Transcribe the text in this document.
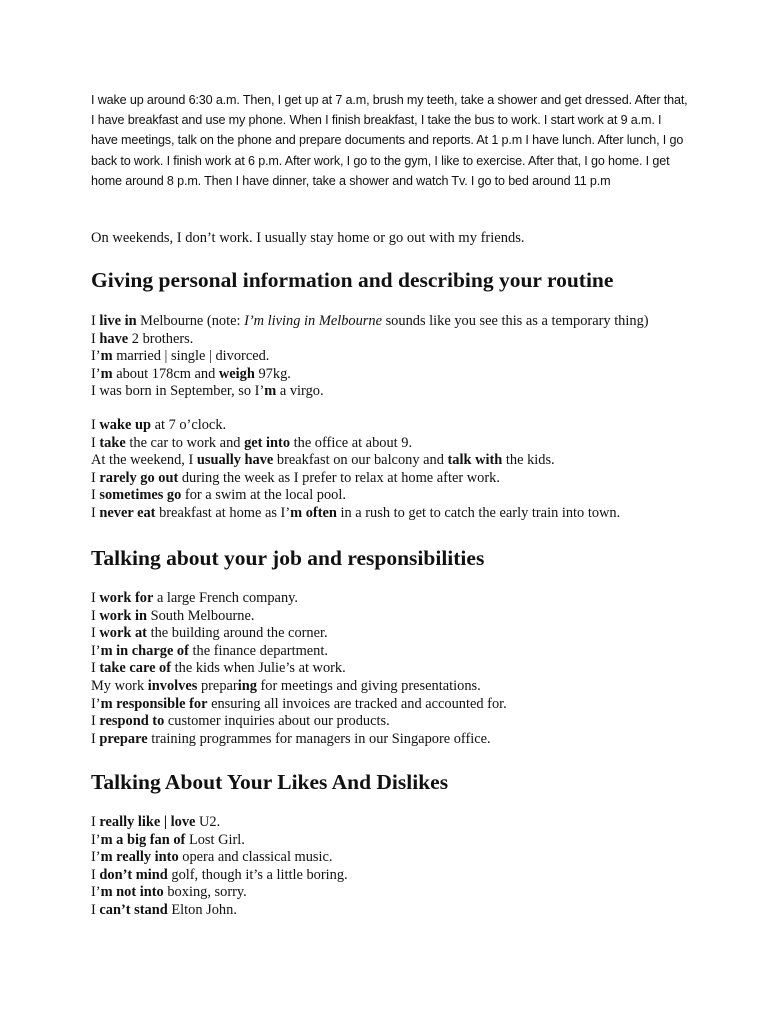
I wake up around 6:30 a.m. Then, I get up at 7 a.m, brush my teeth, take a shower and get dressed. After that, I have breakfast and use my phone. When I finish breakfast, I take the bus to work. I start work at 9 a.m. I have meetings, talk on the phone and prepare documents and reports. At 1 p.m I have lunch. After lunch, I go back to work. I finish work at 6 p.m. After work, I go to the gym, I like to exercise. After that, I go home. I get home around 8 p.m. Then I have dinner, take a shower and watch Tv. I go to bed around 11 p.m

On weekends, I don’t work. I usually stay home or go out with my friends.

Giving personal information and describing your routine
I live in Melbourne (note: I’m living in Melbourne sounds like you see this as a temporary thing)
I have 2 brothers.
I’m married | single | divorced.
I’m about 178cm and weigh 97kg.
I was born in September, so I’m a virgo.
I wake up at 7 o’clock.
I take the car to work and get into the office at about 9.
At the weekend, I usually have breakfast on our balcony and talk with the kids.
I rarely go out during the week as I prefer to relax at home after work.
I sometimes go for a swim at the local pool.
I never eat breakfast at home as I’m often in a rush to get to catch the early train into town.
Talking about your job and responsibilities
I work for a large French company.
I work in South Melbourne.
I work at the building around the corner.
I’m in charge of the finance department.
I take care of the kids when Julie’s at work.
My work involves preparing for meetings and giving presentations.
I’m responsible for ensuring all invoices are tracked and accounted for.
I respond to customer inquiries about our products.
I prepare training programmes for managers in our Singapore office.
Talking About Your Likes And Dislikes
I really like | love U2.
I’m a big fan of Lost Girl.
I’m really into opera and classical music.
I don’t mind golf, though it’s a little boring.
I’m not into boxing, sorry.
I can’t stand Elton John.
